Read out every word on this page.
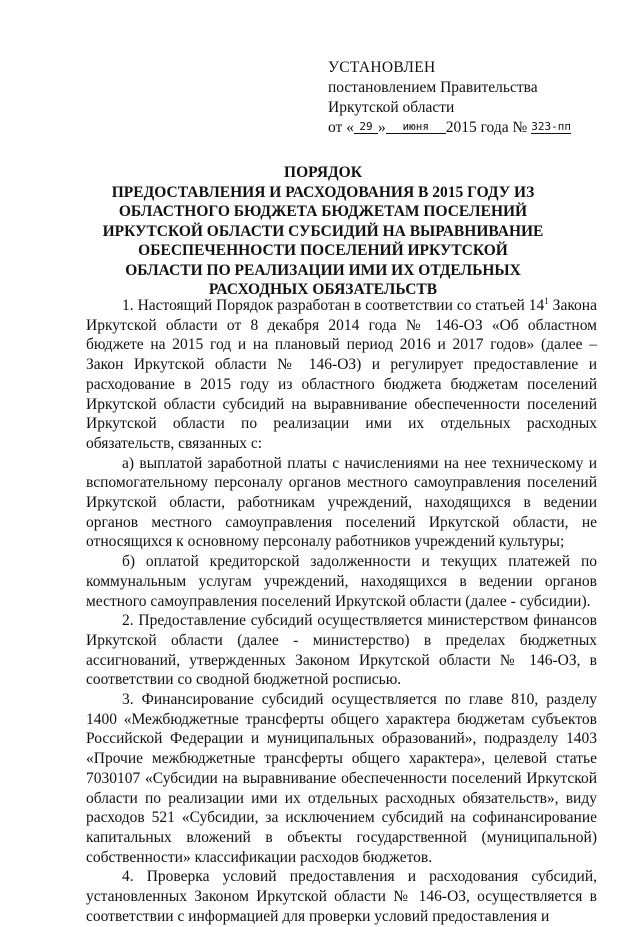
УСТАНОВЛЕН
постановлением Правительства
Иркутской области
от « 29 » июня 2015 года № 323-пп
ПОРЯДОК
ПРЕДОСТАВЛЕНИЯ И РАСХОДОВАНИЯ В 2015 ГОДУ ИЗ ОБЛАСТНОГО БЮДЖЕТА БЮДЖЕТАМ ПОСЕЛЕНИЙ ИРКУТСКОЙ ОБЛАСТИ СУБСИДИЙ НА ВЫРАВНИВАНИЕ ОБЕСПЕЧЕННОСТИ ПОСЕЛЕНИЙ ИРКУТСКОЙ ОБЛАСТИ ПО РЕАЛИЗАЦИИ ИМИ ИХ ОТДЕЛЬНЫХ РАСХОДНЫХ ОБЯЗАТЕЛЬСТВ

1. Настоящий Порядок разработан в соответствии со статьей $14^1$ Закона Иркутской области от 8 декабря 2014 года № 146-ОЗ «Об областном бюджете на 2015 год и на плановый период 2016 и 2017 годов» (далее – Закон Иркутской области № 146-ОЗ) и регулирует предоставление и расходование в 2015 году из областного бюджета бюджетам поселений Иркутской области субсидий на выравнивание обеспеченности поселений Иркутской области по реализации ими их отдельных расходных обязательств, связанных с:

а) выплатой заработной платы с начислениями на нее техническому и вспомогательному персоналу органов местного самоуправления поселений Иркутской области, работникам учреждений, находящихся в ведении органов местного самоуправления поселений Иркутской области, не относящихся к основному персоналу работников учреждений культуры;

б) оплатой кредиторской задолженности и текущих платежей по коммунальным услугам учреждений, находящихся в ведении органов местного самоуправления поселений Иркутской области (далее - субсидии).

2. Предоставление субсидий осуществляется министерством финансов Иркутской области (далее - министерство) в пределах бюджетных ассигнований, утвержденных Законом Иркутской области № 146-ОЗ, в соответствии со сводной бюджетной росписью.

3. Финансирование субсидий осуществляется по главе 810, разделу 1400 «Межбюджетные трансферты общего характера бюджетам субъектов Российской Федерации и муниципальных образований», подразделу 1403 «Прочие межбюджетные трансферты общего характера», целевой статье 7030107 «Субсидии на выравнивание обеспеченности поселений Иркутской области по реализации ими их отдельных расходных обязательств», виду расходов 521 «Субсидии, за исключением субсидий на софинансирование капитальных вложений в объекты государственной (муниципальной) собственности» классификации расходов бюджетов.

4. Проверка условий предоставления и расходования субсидий, установленных Законом Иркутской области № 146-ОЗ, осуществляется в соответствии с информацией для проверки условий предоставления и
